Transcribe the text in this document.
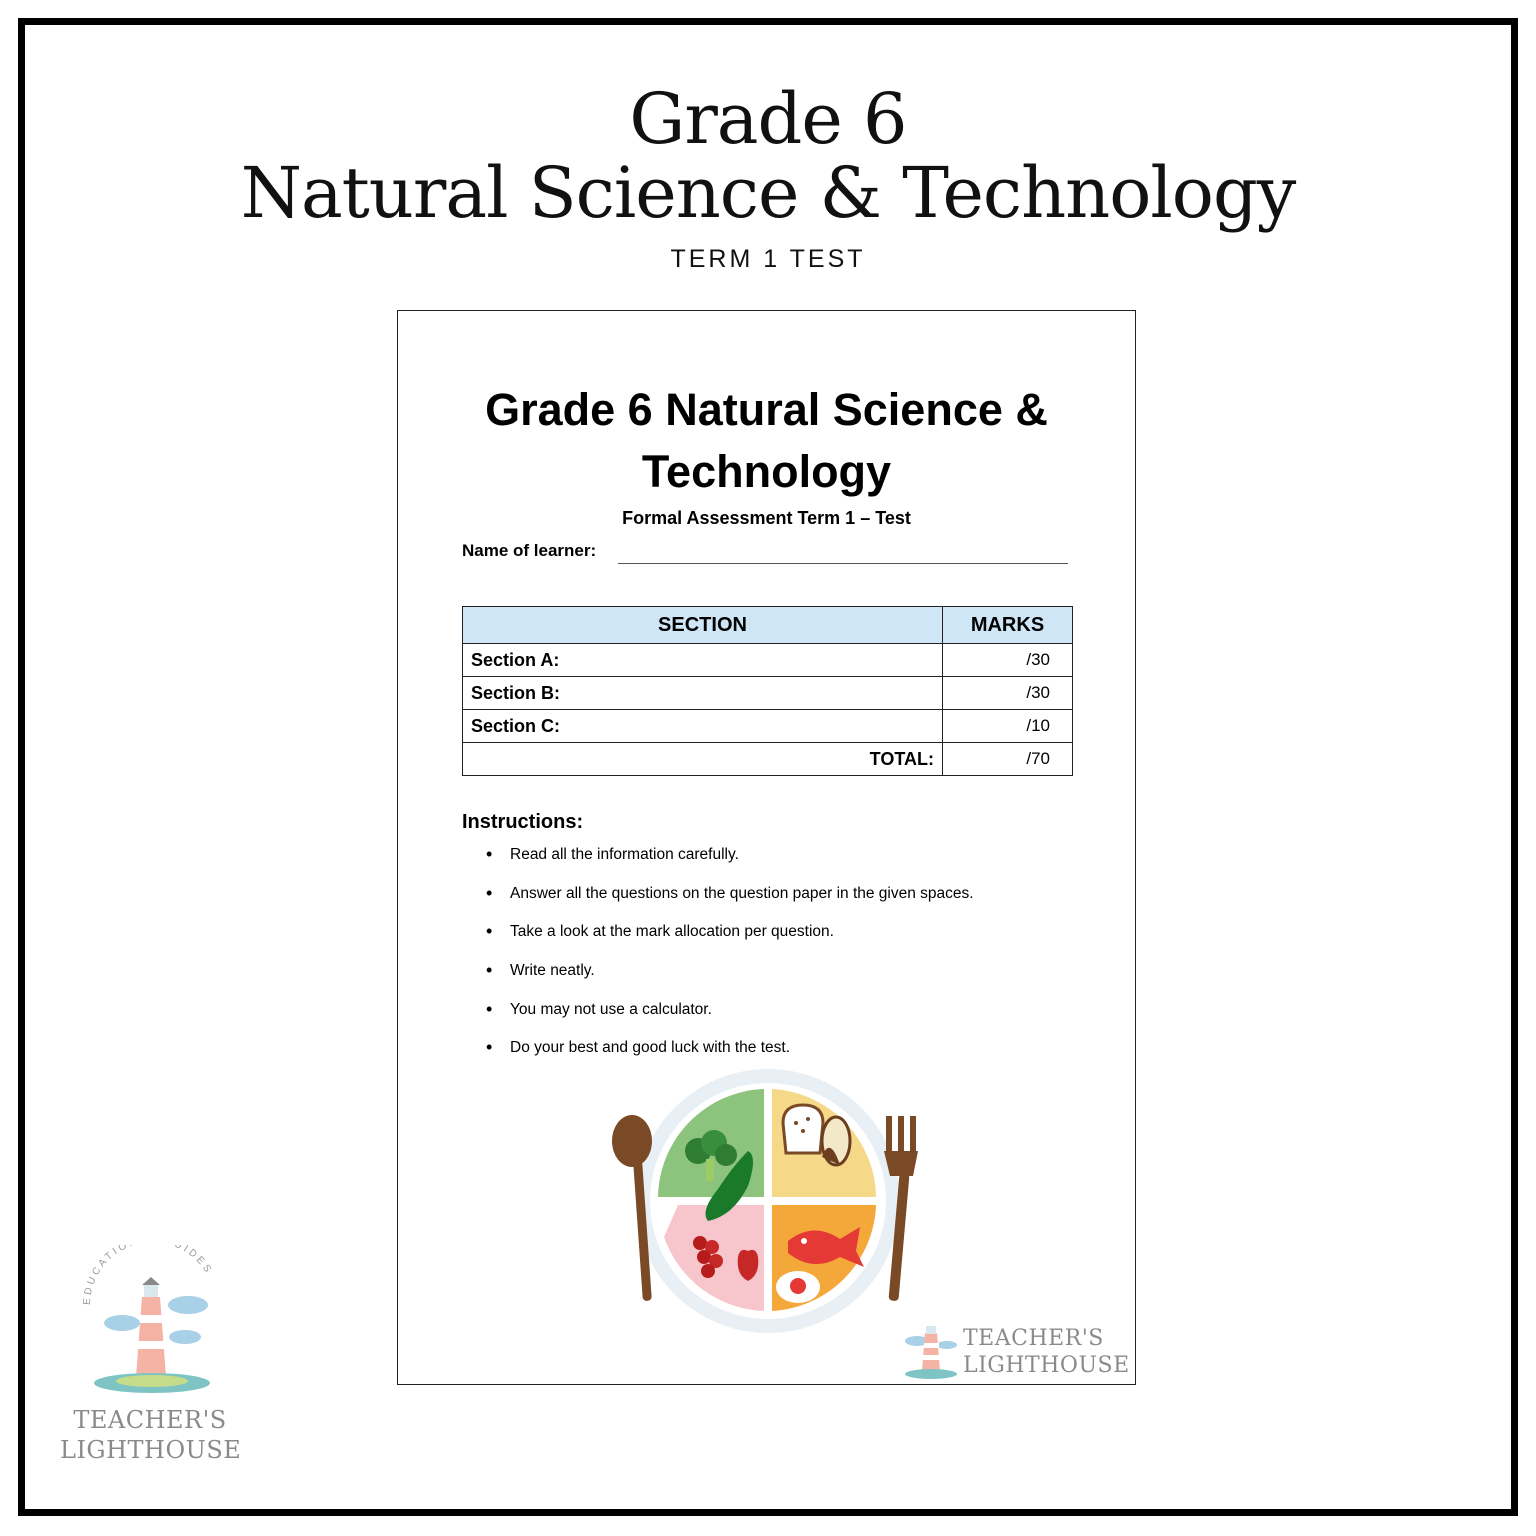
Grade 6
Natural Science & Technology
TERM 1 TEST
Grade 6 Natural Science &
Technology
Formal Assessment Term 1 – Test
Name of learner:
SECTION	MARKS
Section A:	/30
Section B:	/30
Section C:	/10
TOTAL:	/70
Instructions:
• Read all the information carefully.
• Answer all the questions on the question paper in the given spaces.
• Take a look at the mark allocation per question.
• Write neatly.
• You may not use a calculator.
• Do your best and good luck with the test.
TEACHER'S
LIGHTHOUSE
EDUCATIO UIDES
TEACHER'S
LIGHTHOUSE
